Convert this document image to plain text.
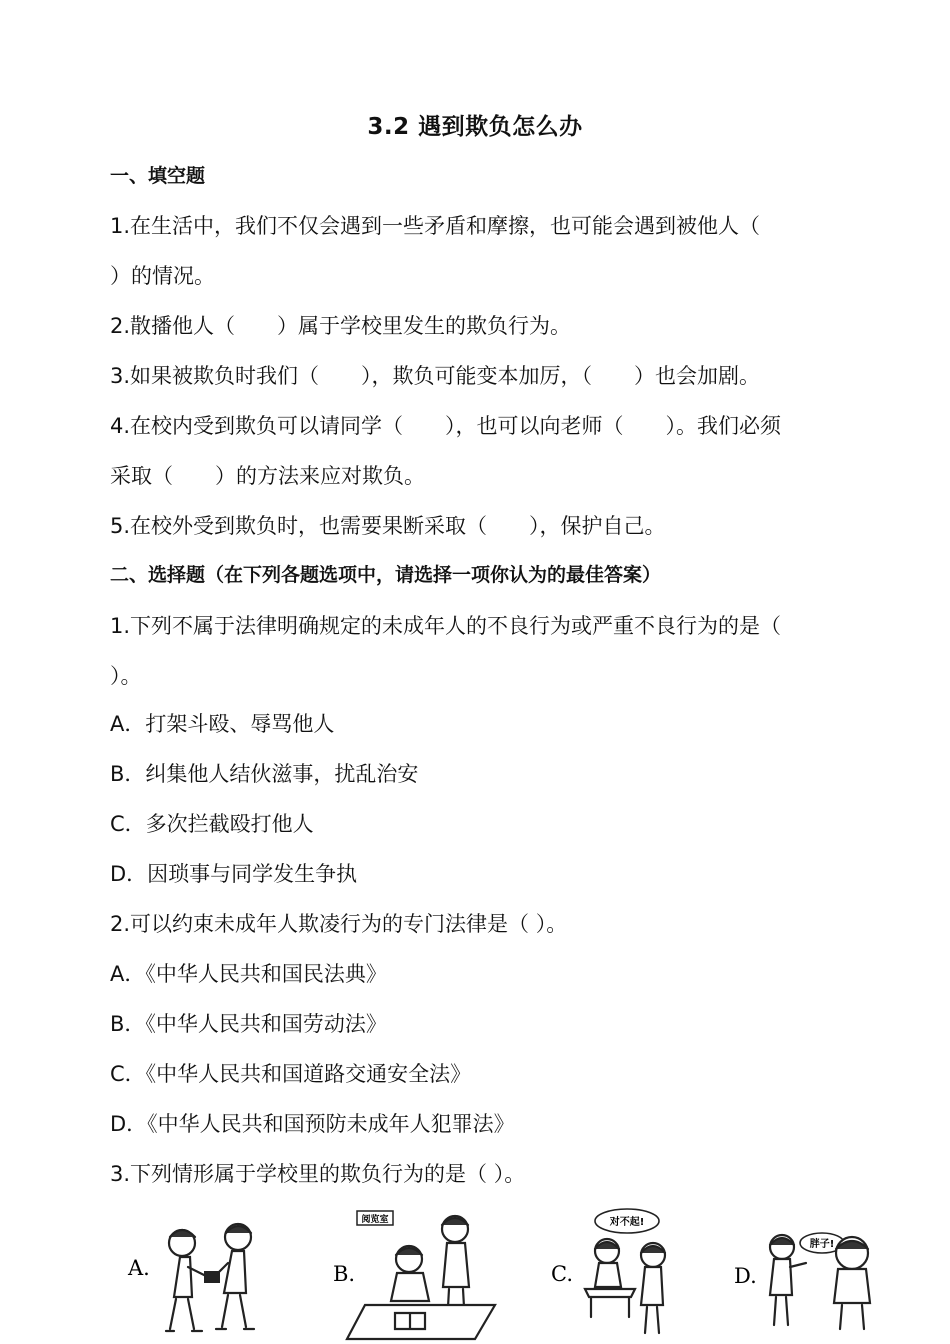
3.2 遇到欺负怎么办
一、填空题
1.在生活中，我们不仅会遇到一些矛盾和摩擦，也可能会遇到被他人（
）的情况。
2.散播他人（　　）属于学校里发生的欺负行为。
3.如果被欺负时我们（　　），欺负可能变本加厉，（　　）也会加剧。
4.在校内受到欺负可以请同学（　　），也可以向老师（　　）。我们必须
采取（　　）的方法来应对欺负。
5.在校外受到欺负时，也需要果断采取（　　），保护自己。
二、选择题（在下列各题选项中，请选择一项你认为的最佳答案）
1.下列不属于法律明确规定的未成年人的不良行为或严重不良行为的是（
）。
A．打架斗殴、辱骂他人
B．纠集他人结伙滋事，扰乱治安
C．多次拦截殴打他人
D．因琐事与同学发生争执
2.可以约束未成年人欺凌行为的专门法律是（ ）。
A．《中华人民共和国民法典》
B．《中华人民共和国劳动法》
C．《中华人民共和国道路交通安全法》
D．《中华人民共和国预防未成年人犯罪法》
3.下列情形属于学校里的欺负行为的是（ ）。
A.	B.
阅览室
C.
对不起!
D.
胖子!
